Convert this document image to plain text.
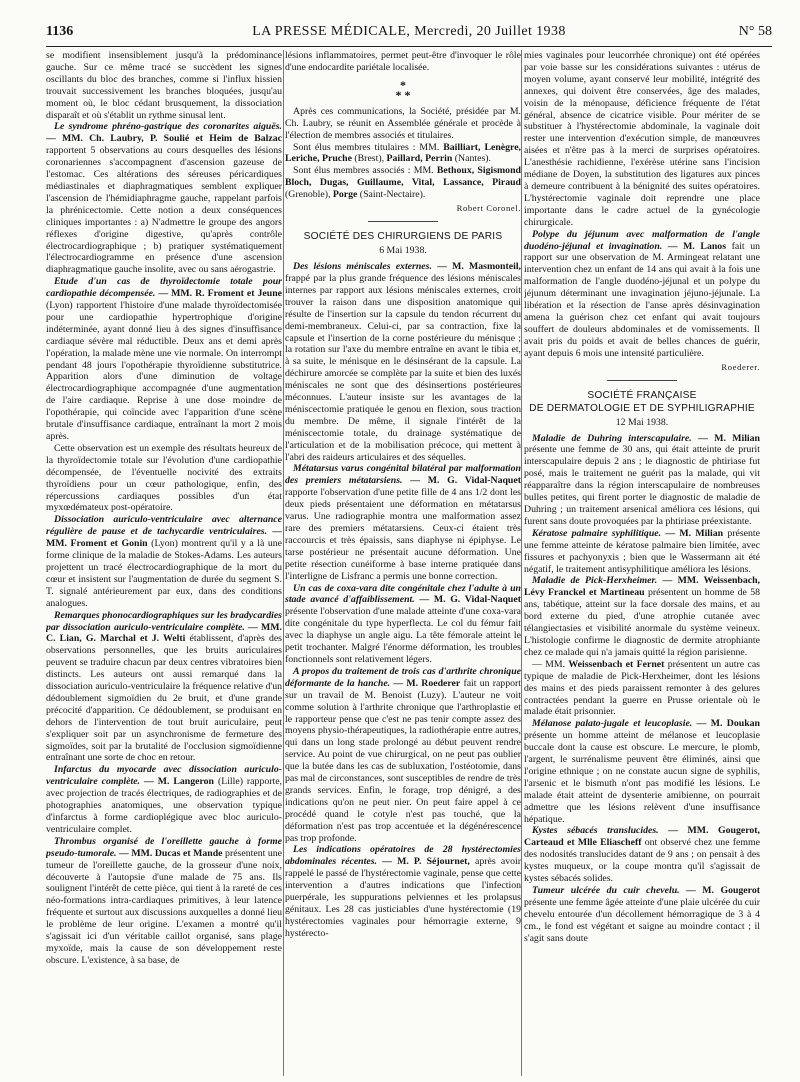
1136	LA PRESSE MÉDICALE, Mercredi, 20 Juillet 1938	N° 58

se modifient insensiblement jusqu'à la prédominance gauche. Sur ce même tracé se succèdent les signes oscillants du bloc des branches, comme si l'influx hissien trouvait successivement les branches bloquées, jusqu'au moment où, le bloc cédant brusquement, la dissociation disparaît et où s'établit un rythme sinusal lent.

Le syndrome phréno-gastrique des coronarites aiguës. — MM. Ch. Laubry, P. Soulié et Heim de Balzac rapportent 5 observations au cours desquelles des lésions coronariennes s'accompagnent d'ascension gazeuse de l'estomac. Ces altérations des séreuses péricardiques médiastinales et diaphragmatiques semblent expliquer l'ascension de l'hémidiaphragme gauche, rappelant parfois la phrénicectomie. Cette notion a deux conséquences cliniques importantes : a) N'admettre le groupe des angors réflexes d'origine digestive, qu'après contrôle électrocardiographique ; b) pratiquer systématiquement l'électrocardiogramme en présence d'une ascension diaphragmatique gauche insolite, avec ou sans aérogastrie.

Etude d'un cas de thyroïdectomie totale pour cardiopathie décompensée. — MM. R. Froment et Jeune (Lyon) rapportent l'histoire d'une malade thyroïdectomisée pour une cardiopathie hypertrophique d'origine indéterminée, ayant donné lieu à des signes d'insuffisance cardiaque sévère mal réductible. Deux ans et demi après l'opération, la malade mène une vie normale. On interrompt pendant 48 jours l'opothérapie thyroïdienne substitutrice. Apparition alors d'une diminution de voltage électrocardiographique accompagnée d'une augmentation de l'aire cardiaque. Reprise à une dose moindre de l'opothérapie, qui coïncide avec l'apparition d'une scène brutale d'insuffisance cardiaque, entraînant la mort 2 mois après.

Cette observation est un exemple des résultats heureux de la thyroïdectomie totale sur l'évolution d'une cardiopathie décompensée, de l'éventuelle nocivité des extraits thyroïdiens pour un cœur pathologique, enfin, des répercussions cardiaques possibles d'un état myxœdémateux post-opératoire.

Dissociation auriculo-ventriculaire avec alternance régulière de pause et de tachycardie ventriculaires. — MM. Froment et Gonin (Lyon) montrent qu'il y a là une forme clinique de la maladie de Stokes-Adams. Les auteurs projettent un tracé électrocardiographique de la mort du cœur et insistent sur l'augmentation de durée du segment S. T. signalé antérieurement par eux, dans des conditions analogues.

Remarques phonocardiographiques sur les bradycardies par dissociation auriculo-ventriculaire complète. — MM. C. Lian, G. Marchal et J. Welti établissent, d'après des observations personnelles, que les bruits auriculaires peuvent se traduire chacun par deux centres vibratoires bien distincts. Les auteurs ont aussi remarqué dans la dissociation auriculo-ventriculaire la fréquence relative d'un dédoublement sigmoïdien du 2e bruit, et d'une grande précocité d'apparition. Ce dédoublement, se produisant en dehors de l'intervention de tout bruit auriculaire, peut s'expliquer soit par un asynchronisme de fermeture des sigmoïdes, soit par la brutalité de l'occlusion sigmoïdienne entraînant une sorte de choc en retour.

Infarctus du myocarde avec dissociation auriculo-ventriculaire complète. — M. Langeron (Lille) rapporte, avec projection de tracés électriques, de radiographies et de photographies anatomiques, une observation typique d'infarctus à forme cardioplégique avec bloc auriculo-ventriculaire complet.

Thrombus organisé de l'oreillette gauche à forme pseudo-tumorale. — MM. Ducas et Mande présentent une tumeur de l'oreillette gauche, de la grosseur d'une noix, découverte à l'autopsie d'une malade de 75 ans. Ils soulignent l'intérêt de cette pièce, qui tient à la rareté de ces néo-formations intra-cardiaques primitives, à leur latence fréquente et surtout aux discussions auxquelles a donné lieu le problème de leur origine. L'examen a montré qu'il s'agissait ici d'un véritable caillot organisé, sans plage myxoïde, mais la cause de son développement reste obscure. L'existence, à sa base, de

lésions inflammatoires, permet peut-être d'invoquer le rôle d'une endocardite pariétale localisée.

*
* *

Après ces communications, la Société, présidée par M. Ch. Laubry, se réunit en Assemblée générale et procède à l'élection de membres associés et titulaires.

Sont élus membres titulaires : MM. Bailliart, Lenègre, Leriche, Pruche (Brest), Paillard, Perrin (Nantes).

Sont élus membres associés : MM. Bethoux, Sigismond Bloch, Dugas, Guillaume, Vital, Lassance, Piraud (Grenoble), Porge (Saint-Nectaire).

Robert Coronel.

SOCIÉTÉ DES CHIRURGIENS DE PARIS

6 Mai 1938.

Des lésions méniscales externes. — M. Masmonteil, frappé par la plus grande fréquence des lésions méniscales internes par rapport aux lésions méniscales externes, croit trouver la raison dans une disposition anatomique qui résulte de l'insertion sur la capsule du tendon récurrent du demi-membraneux. Celui-ci, par sa contraction, fixe la capsule et l'insertion de la corne postérieure du ménisque ; la rotation sur l'axe du membre entraîne en avant le tibia et, à sa suite, le ménisque en le désinsérant de la capsule. La déchirure amorcée se complète par la suite et bien des luxés méniscales ne sont que des désinsertions postérieures méconnues. L'auteur insiste sur les avantages de la méniscectomie pratiquée le genou en flexion, sous traction du membre. De même, il signale l'intérêt de la méniscectomie totale, du drainage systématique de l'articulation et de la mobilisation précoce, qui mettent à l'abri des raideurs articulaires et des séquelles.

Métatarsus varus congénital bilatéral par malformation des premiers métatarsiens. — M. G. Vidal-Naquet rapporte l'observation d'une petite fille de 4 ans 1/2 dont les deux pieds présentaient une déformation en métatarsus varus. Une radiographie montra une malformation assez rare des premiers métatarsiens. Ceux-ci étaient très raccourcis et très épaissis, sans diaphyse ni épiphyse. Le tarse postérieur ne présentait aucune déformation. Une petite résection cunéiforme à base interne pratiquée dans l'interligne de Lisfranc a permis une bonne correction.

Un cas de coxa-vara dite congénitale chez l'adulte à un stade avancé d'affaiblissement. — M. G. Vidal-Naquet présente l'observation d'une malade atteinte d'une coxa-vara dite congénitale du type hyperflecta. Le col du fémur fait avec la diaphyse un angle aigu. La tête fémorale atteint le petit trochanter. Malgré l'énorme déformation, les troubles fonctionnels sont relativement légers.

A propos du traitement de trois cas d'arthrite chronique déformante de la hanche. — M. Roederer fait un rapport sur un travail de M. Benoist (Luzy). L'auteur ne voit comme solution à l'arthrite chronique que l'arthroplastie et le rapporteur pense que c'est ne pas tenir compte assez des moyens physio-thérapeutiques, la radiothérapie entre autres, qui dans un long stade prolongé au début peuvent rendre service. Au point de vue chirurgical, on ne peut pas oublier que la butée dans les cas de subluxation, l'ostéotomie, dans pas mal de circonstances, sont susceptibles de rendre de très grands services. Enfin, le forage, trop dénigré, a des indications qu'on ne peut nier. On peut faire appel à ce procédé quand le cotyle n'est pas touché, que la déformation n'est pas trop accentuée et la dégénérescence pas trop profonde.

Les indications opératoires de 28 hystérectomies abdominales récentes. — M. P. Séjournet, après avoir rappelé le passé de l'hystérectomie vaginale, pense que cette intervention a d'autres indications que l'infection puerpérale, les suppurations pelviennes et les prolapsus génitaux. Les 28 cas justiciables d'une hystérectomie (19 hystérectomies vaginales pour hémorragie externe, 9 hystérecto-

mies vaginales pour leucorrhée chronique) ont été opérées par voie basse sur les considérations suivantes : utérus de moyen volume, ayant conservé leur mobilité, intégrité des annexes, qui doivent être conservées, âge des malades, voisin de la ménopause, déficience fréquente de l'état général, absence de cicatrice visible. Pour mériter de se substituer à l'hystérectomie abdominale, la vaginale doit rester une intervention d'exécution simple, de manœuvres aisées et n'être pas à la merci de surprises opératoires. L'anesthésie rachidienne, l'exérèse utérine sans l'incision médiane de Doyen, la substitution des ligatures aux pinces à demeure contribuent à la bénignité des suites opératoires. L'hystérectomie vaginale doit reprendre une place importante dans le cadre actuel de la gynécologie chirurgicale.

Polype du jéjunum avec malformation de l'angle duodéno-jéjunal et invagination. — M. Lanos fait un rapport sur une observation de M. Armingeat relatant une intervention chez un enfant de 14 ans qui avait à la fois une malformation de l'angle duodéno-jéjunal et un polype du jéjunum déterminant une invagination jéjuno-jéjunale. La libération et la résection de l'anse après désinvagination amena la guérison chez cet enfant qui avait toujours souffert de douleurs abdominales et de vomissements. Il avait pris du poids et avait de belles chances de guérir, ayant depuis 6 mois une intensité particulière.

Roederer.

SOCIÉTÉ FRANÇAISE

DE DERMATOLOGIE ET DE SYPHILIGRAPHIE

12 Mai 1938.

Maladie de Duhring interscapulaire. — M. Milian présente une femme de 30 ans, qui était atteinte de prurit interscapulaire depuis 2 ans ; le diagnostic de phtiriase fut posé, mais le traitement ne guérit pas la malade, qui vit réapparaître dans la région interscapulaire de nombreuses bulles petites, qui firent porter le diagnostic de maladie de Duhring ; un traitement arsenical améliora ces lésions, qui furent sans doute provoquées par la phtiriase préexistante.

Kératose palmaire syphilitique. — M. Milian présente une femme atteinte de kératose palmaire bien limitée, avec fissures et pachyonyxis ; bien que le Wassermann ait été négatif, le traitement antisyphilitique améliora les lésions.

Maladie de Pick-Herxheimer. — MM. Weissenbach, Lévy Franckel et Martineau présentent un homme de 58 ans, tabétique, atteint sur la face dorsale des mains, et au bord externe du pied, d'une atrophie cutanée avec télangiectasies et visibilité anormale du système veineux. L'histologie confirme le diagnostic de dermite atrophiante chez ce malade qui n'a jamais quitté la région parisienne.

— MM. Weissenbach et Fernet présentent un autre cas typique de maladie de Pick-Herxheimer, dont les lésions des mains et des pieds paraissent remonter à des gelures contractées pendant la guerre en Prusse orientale où le malade était prisonnier.

Mélanose palato-jugale et leucoplasie. — M. Doukan présente un homme atteint de mélanose et leucoplasie buccale dont la cause est obscure. Le mercure, le plomb, l'argent, le surrénalisme peuvent être éliminés, ainsi que l'origine ethnique ; on ne constate aucun signe de syphilis, l'arsenic et le bismuth n'ont pas modifié les lésions. Le malade était atteint de dysenterie amibienne, on pourrait admettre que les lésions relèvent d'une insuffisance hépatique.

Kystes sébacés translucides. — MM. Gougerot, Carteaud et Mlle Eliascheff ont observé chez une femme des nodosités translucides datant de 9 ans ; on pensait à des kystes muqueux, or la coupe montra qu'il s'agissait de kystes sébacés solides.

Tumeur ulcérée du cuir chevelu. — M. Gougerot présente une femme âgée atteinte d'une plaie ulcérée du cuir chevelu entourée d'un décollement hémorragique de 3 à 4 cm., le fond est végétant et saigne au moindre contact ; il s'agit sans doute
